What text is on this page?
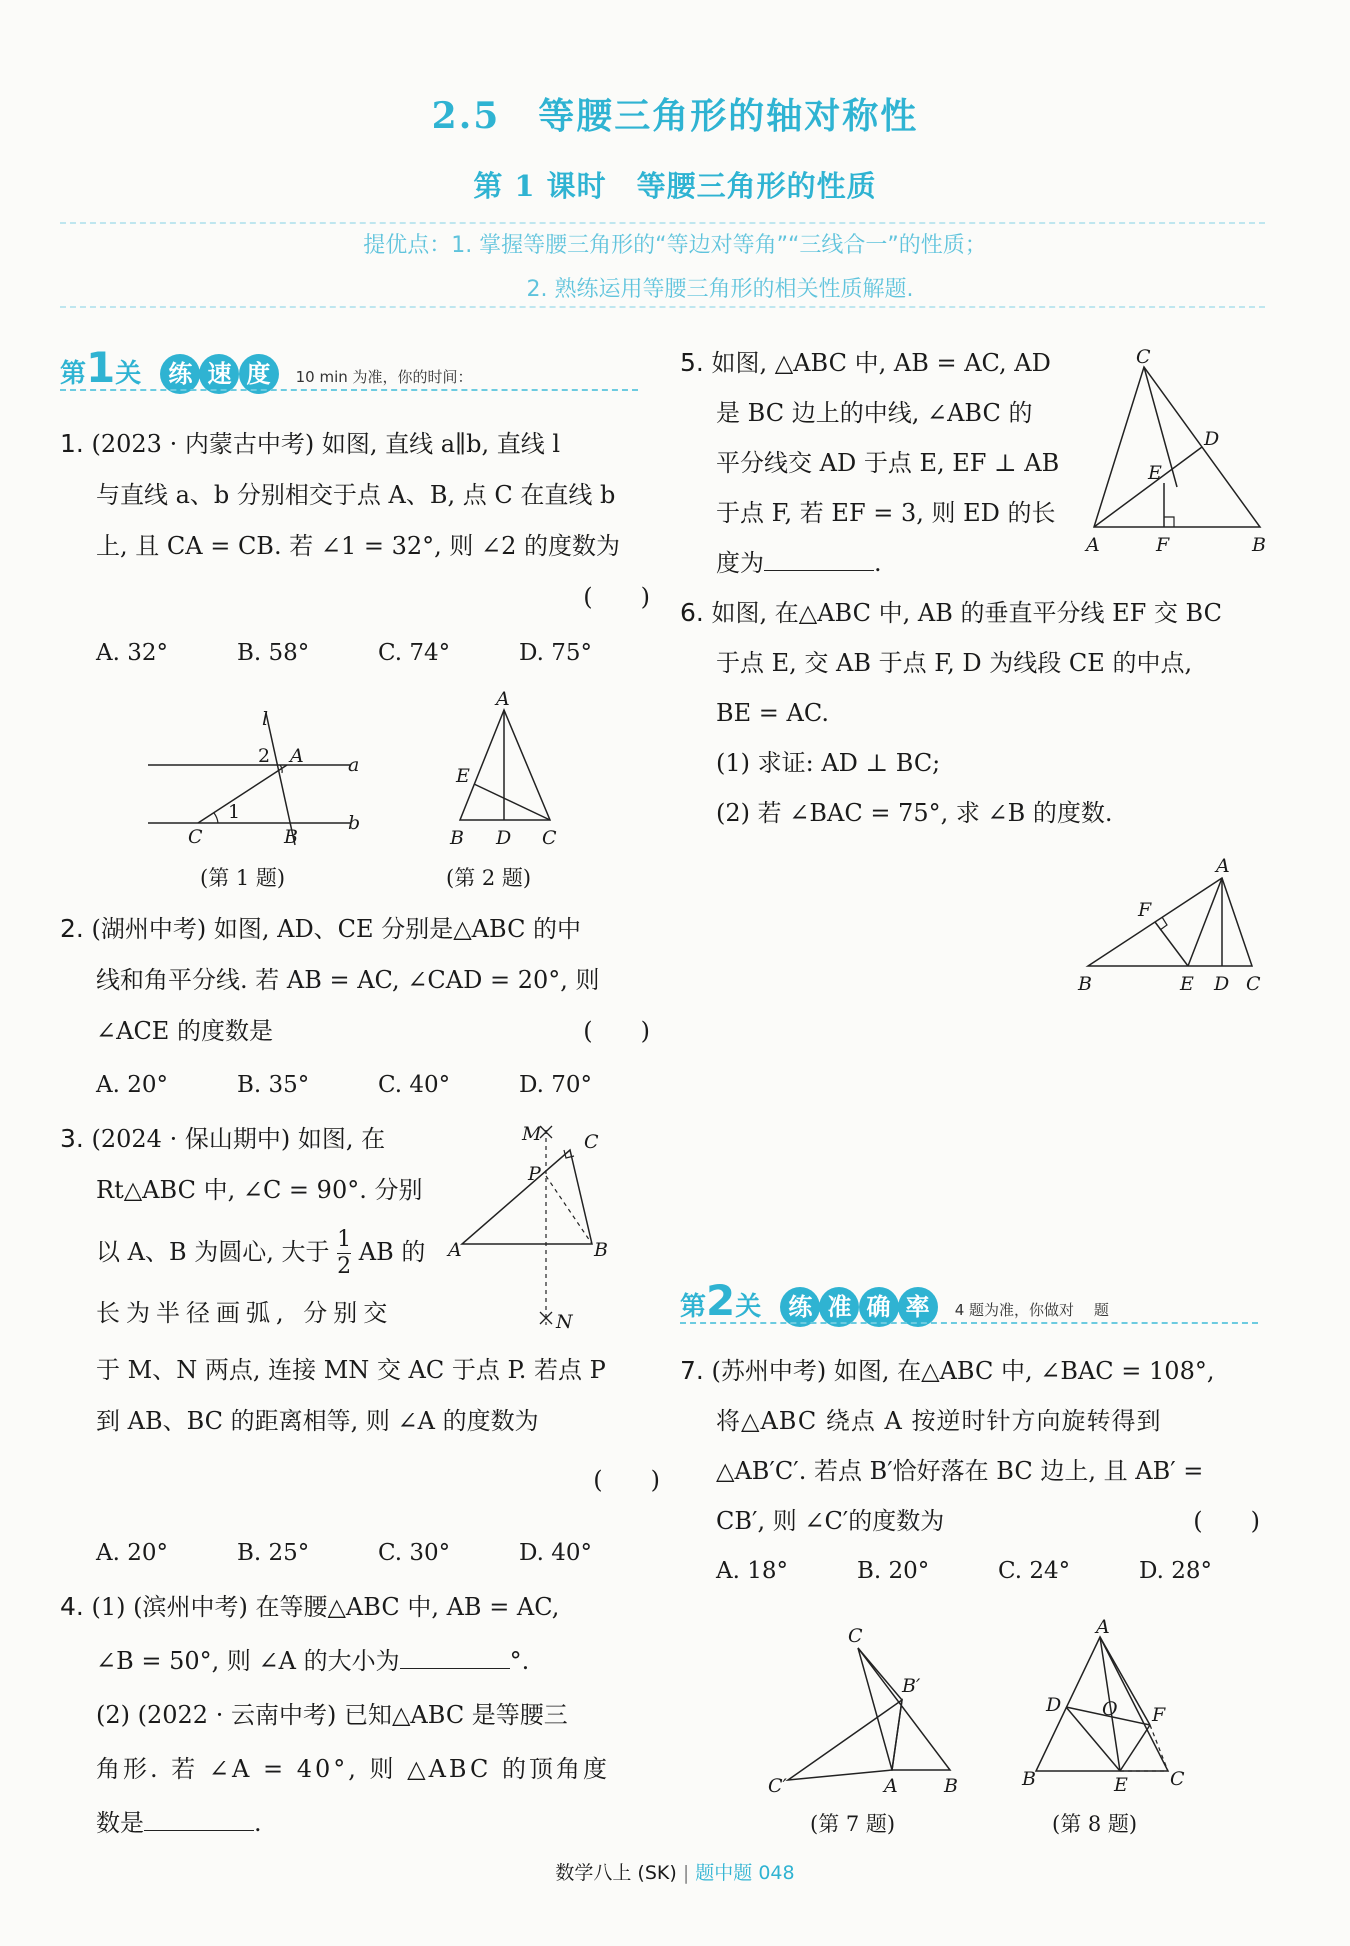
2.5　等腰三角形的轴对称性
第 1 课时　等腰三角形的性质
提优点：1. 掌握等腰三角形的“等边对等角”“三线合一”的性质；
2. 熟练运用等腰三角形的相关性质解题.
第1关 练 速 度 10 min 为准，你的时间：
1. (2023 · 内蒙古中考) 如图, 直线 a∥b, 直线 l
与直线 a、b 分别相交于点 A、B, 点 C 在直线 b
上, 且 CA = CB. 若 ∠1 = 32°, 则 ∠2 的度数为
(　　)
A. 32°	B. 58°	C. 74°	D. 75°
l
2 A a
1
C	B
b
(第 1 题)
A
E
B D C
(第 2 题)
2. (湖州中考) 如图, AD、CE 分别是△ABC 的中
线和角平分线. 若 AB = AC, ∠CAD = 20°, 则
∠ACE 的度数是	(　　)
A. 20°	B. 35°	C. 40°	D. 70°
3. (2024 · 保山期中) 如图, 在
Rt△ABC 中, ∠C = 90°. 分别
以 A、B 为圆心, 大于 $\frac{1}{2}$ AB 的
长为半径画弧, 分别交
于 M、N 两点, 连接 MN 交 AC 于点 P. 若点 P
到 AB、BC 的距离相等, 则 ∠A 的度数为
(　　)
A. 20°	B. 25°	C. 30°	D. 40°
M C
P
A	B
N
4. (1) (滨州中考) 在等腰△ABC 中, AB = AC,
∠B = 50°, 则 ∠A 的大小为	°.
(2) (2022 · 云南中考) 已知△ABC 是等腰三
角形. 若 ∠A = 40°, 则 △ABC 的顶角度
数是	.
5. 如图, △ABC 中, AB = AC, AD
是 BC 边上的中线, ∠ABC 的
平分线交 AD 于点 E, EF ⊥ AB
于点 F, 若 EF = 3, 则 ED 的长
度为	.
C
D
E
A	F	B
6. 如图, 在△ABC 中, AB 的垂直平分线 EF 交 BC
于点 E, 交 AB 于点 F, D 为线段 CE 的中点,
BE = AC.
(1) 求证: AD ⊥ BC;
(2) 若 ∠BAC = 75°, 求 ∠B 的度数.
A
F
B	E D C
第2关 练 准 确 率 4 题为准，你做对　 题
7. (苏州中考) 如图, 在△ABC 中, ∠BAC = 108°,
将△ABC 绕点 A 按逆时针方向旋转得到
△AB′C′. 若点 B′恰好落在 BC 边上, 且 AB′ =
CB′, 则 ∠C′的度数为	(　　)
A. 18°	B. 20°	C. 24°	D. 28°
C
B′
C′	A B
(第 7 题)
A
D O F
B	E C
(第 8 题)
数学八上 (SK) | 题中题 048
